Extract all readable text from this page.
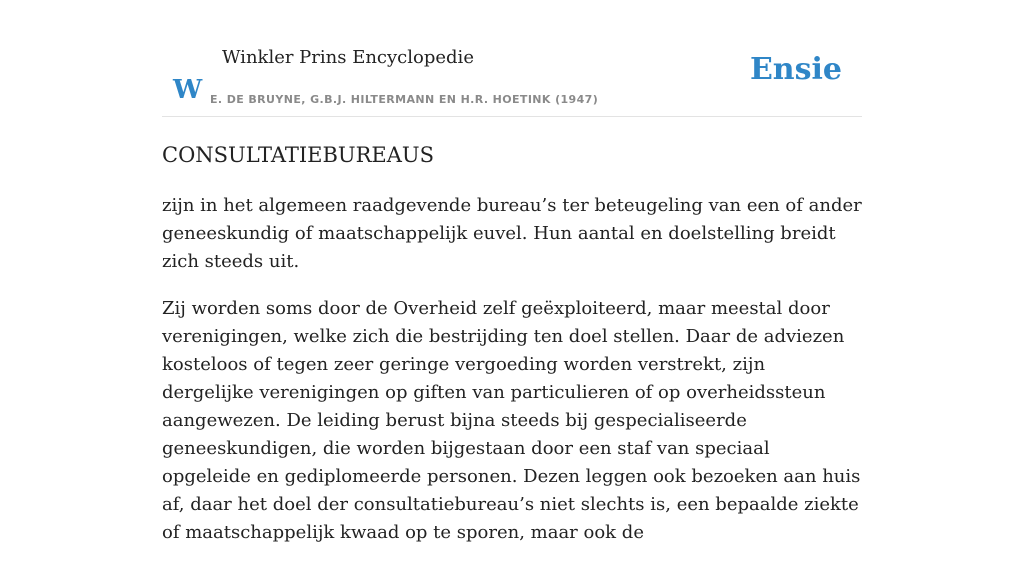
W
Winkler Prins Encyclopedie
E. DE BRUYNE, G.B.J. HILTERMANN EN H.R. HOETINK (1947)
Ensie
CONSULTATIEBUREAUS

zijn in het algemeen raadgevende bureau’s ter beteugeling van een of ander geneeskundig of maatschappelijk euvel. Hun aantal en doelstelling breidt zich steeds uit.

Zij worden soms door de Overheid zelf geëxploiteerd, maar meestal door verenigingen, welke zich die bestrijding ten doel stellen. Daar de adviezen kosteloos of tegen zeer geringe vergoeding worden verstrekt, zijn dergelijke verenigingen op giften van particulieren of op overheidssteun aangewezen. De leiding berust bijna steeds bij gespecialiseerde geneeskundigen, die worden bijgestaan door een staf van speciaal opgeleide en gediplomeerde personen. Dezen leggen ook bezoeken aan huis af, daar het doel der consultatiebureau’s niet slechts is, een bepaalde ziekte of maatschappelijk kwaad op te sporen, maar ook de
